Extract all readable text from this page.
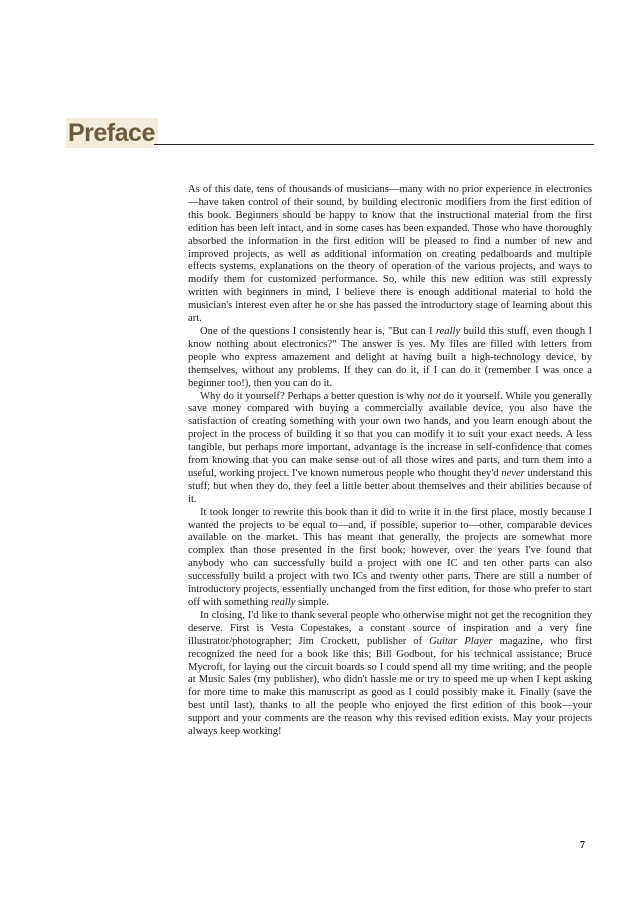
Preface

As of this date, tens of thousands of musicians—many with no prior experience in electronics—have taken control of their sound, by building electronic modifiers from the first edition of this book. Beginners should be happy to know that the instructional material from the first edition has been left intact, and in some cases has been expanded. Those who have thoroughly absorbed the information in the first edition will be pleased to find a number of new and improved projects, as well as additional information on creating pedalboards and multiple effects systems, explanations on the theory of operation of the various projects, and ways to modify them for customized performance. So, while this new edition was still expressly written with beginners in mind, I believe there is enough additional material to hold the musician's interest even after he or she has passed the introductory stage of learning about this art.

One of the questions I consistently hear is, "But can I really build this stuff, even though I know nothing about electronics?" The answer is yes. My files are filled with letters from people who express amazement and delight at having built a high-technology device, by themselves, without any problems. If they can do it, if I can do it (remember I was once a beginner too!), then you can do it.

Why do it yourself? Perhaps a better question is why not do it yourself. While you generally save money compared with buying a commercially available device, you also have the satisfaction of creating something with your own two hands, and you learn enough about the project in the process of building it so that you can modify it to suit your exact needs. A less tangible, but perhaps more important, advantage is the increase in self-confidence that comes from knowing that you can make sense out of all those wires and parts, and turn them into a useful, working project. I've known numerous people who thought they'd never understand this stuff; but when they do, they feel a little better about themselves and their abilities because of it.

It took longer to rewrite this book than it did to write it in the first place, mostly because I wanted the projects to be equal to—and, if possible, superior to—other, comparable devices available on the market. This has meant that generally, the projects are somewhat more complex than those presented in the first book; however, over the years I've found that anybody who can successfully build a project with one IC and ten other parts can also successfully build a project with two ICs and twenty other parts. There are still a number of introductory projects, essentially unchanged from the first edition, for those who prefer to start off with something really simple.

In closing, I'd like to thank several people who otherwise might not get the recognition they deserve. First is Vesta Copestakes, a constant source of inspiration and a very fine illustrator/photographer; Jim Crockett, publisher of Guitar Player magazine, who first recognized the need for a book like this; Bill Godbout, for his technical assistance; Bruce Mycroft, for laying out the circuit boards so I could spend all my time writing; and the people at Music Sales (my publisher), who didn't hassle me or try to speed me up when I kept asking for more time to make this manuscript as good as I could possibly make it. Finally (save the best until last), thanks to all the people who enjoyed the first edition of this book—your support and your comments are the reason why this revised edition exists. May your projects always keep working!

7
